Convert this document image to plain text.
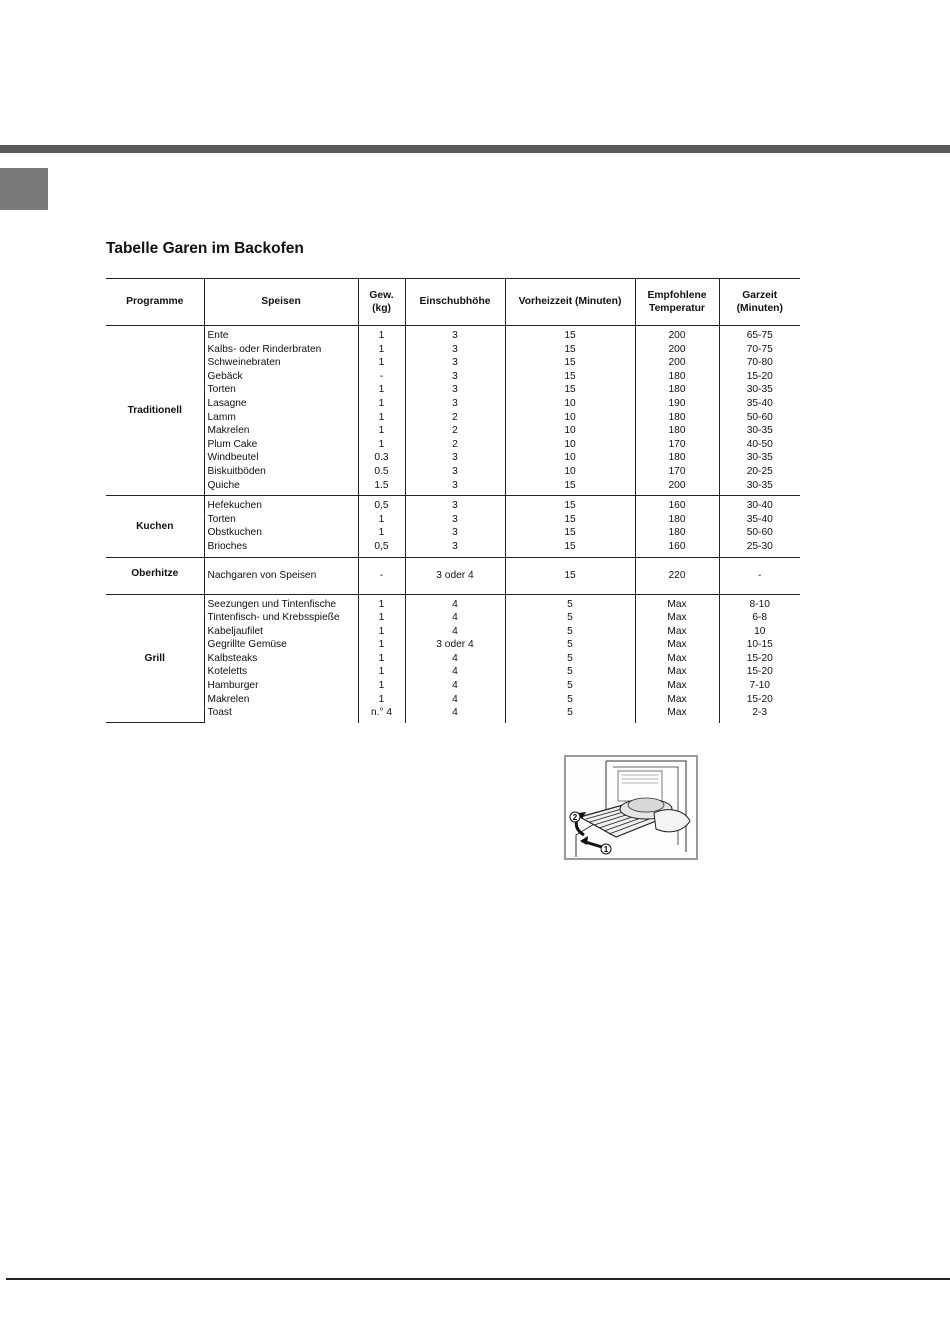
Tabelle Garen im Backofen
Programme	Speisen	Gew. (kg)	Einschubhöhe	Vorheizzeit (Minuten)	Empfohlene Temperatur	Garzeit (Minuten)
Traditionell	Ente	1	3	15	200	65-75
	Kalbs- oder Rinderbraten	1	3	15	200	70-75
	Schweinebraten	1	3	15	200	70-80
	Gebäck	-	3	15	180	15-20
	Torten	1	3	15	180	30-35
	Lasagne	1	3	10	190	35-40
	Lamm	1	2	10	180	50-60
	Makrelen	1	2	10	180	30-35
	Plum Cake	1	2	10	170	40-50
	Windbeutel	0.3	3	10	180	30-35
	Biskuitböden	0.5	3	10	170	20-25
	Quiche	1.5	3	15	200	30-35
Kuchen	Hefekuchen	0,5	3	15	160	30-40
	Torten	1	3	15	180	35-40
	Obstkuchen	1	3	15	180	50-60
	Brioches	0,5	3	15	160	25-30
Oberhitze	Nachgaren von Speisen	-	3 oder 4	15	220	-
Grill	Seezungen und Tintenfische	1	4	5	Max	8-10
	Tintenfisch- und Krebsspieße	1	4	5	Max	6-8
	Kabeljaufilet	1	4	5	Max	10
	Gegrillte Gemüse	1	3 oder 4	5	Max	10-15
	Kalbsteaks	1	4	5	Max	15-20
	Koteletts	1	4	5	Max	15-20
	Hamburger	1	4	5	Max	7-10
	Makrelen	1	4	5	Max	15-20
	Toast	n.° 4	4	5	Max	2-3
2
1
